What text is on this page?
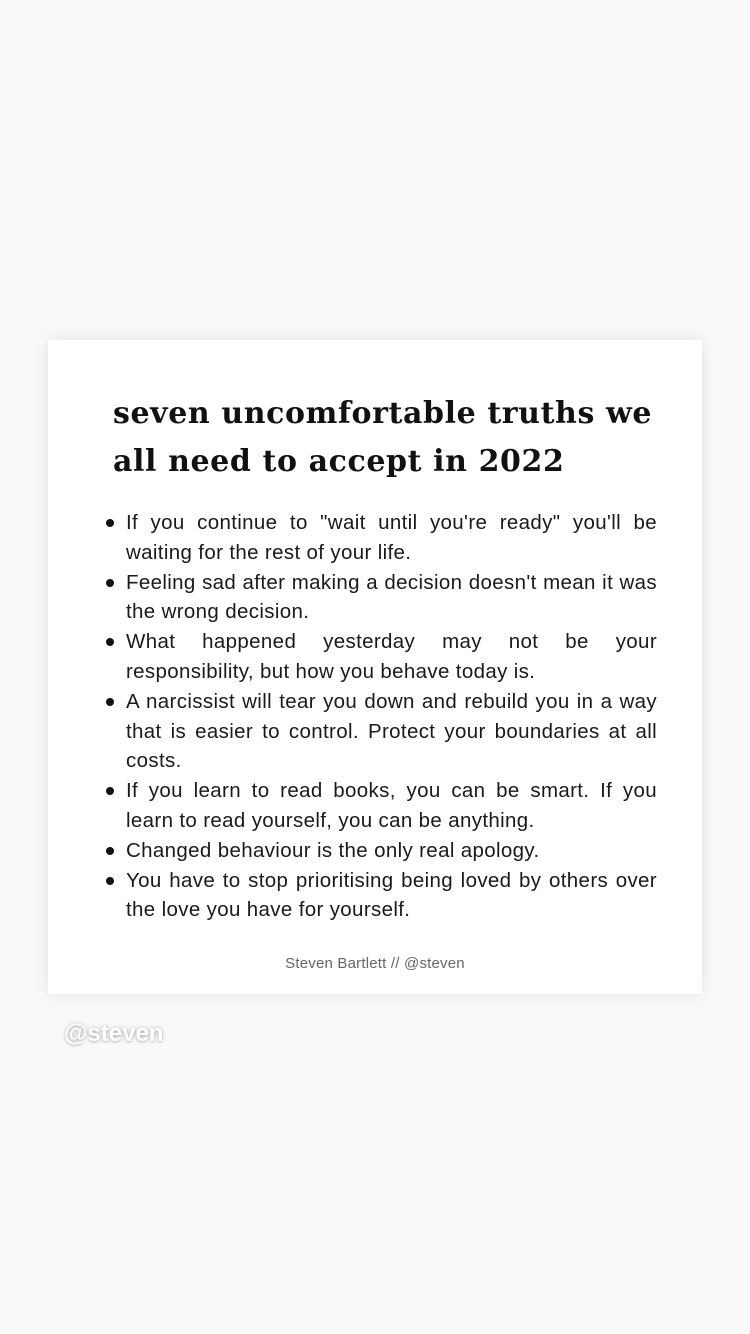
seven uncomfortable truths we all need to accept in 2022
If you continue to "wait until you're ready" you'll be waiting for the rest of your life.
Feeling sad after making a decision doesn't mean it was the wrong decision.
What happened yesterday may not be your responsibility, but how you behave today is.
A narcissist will tear you down and rebuild you in a way that is easier to control. Protect your boundaries at all costs.
If you learn to read books, you can be smart. If you learn to read yourself, you can be anything.
Changed behaviour is the only real apology.
You have to stop prioritising being loved by others over the love you have for yourself.
Steven Bartlett // @steven
@steven
